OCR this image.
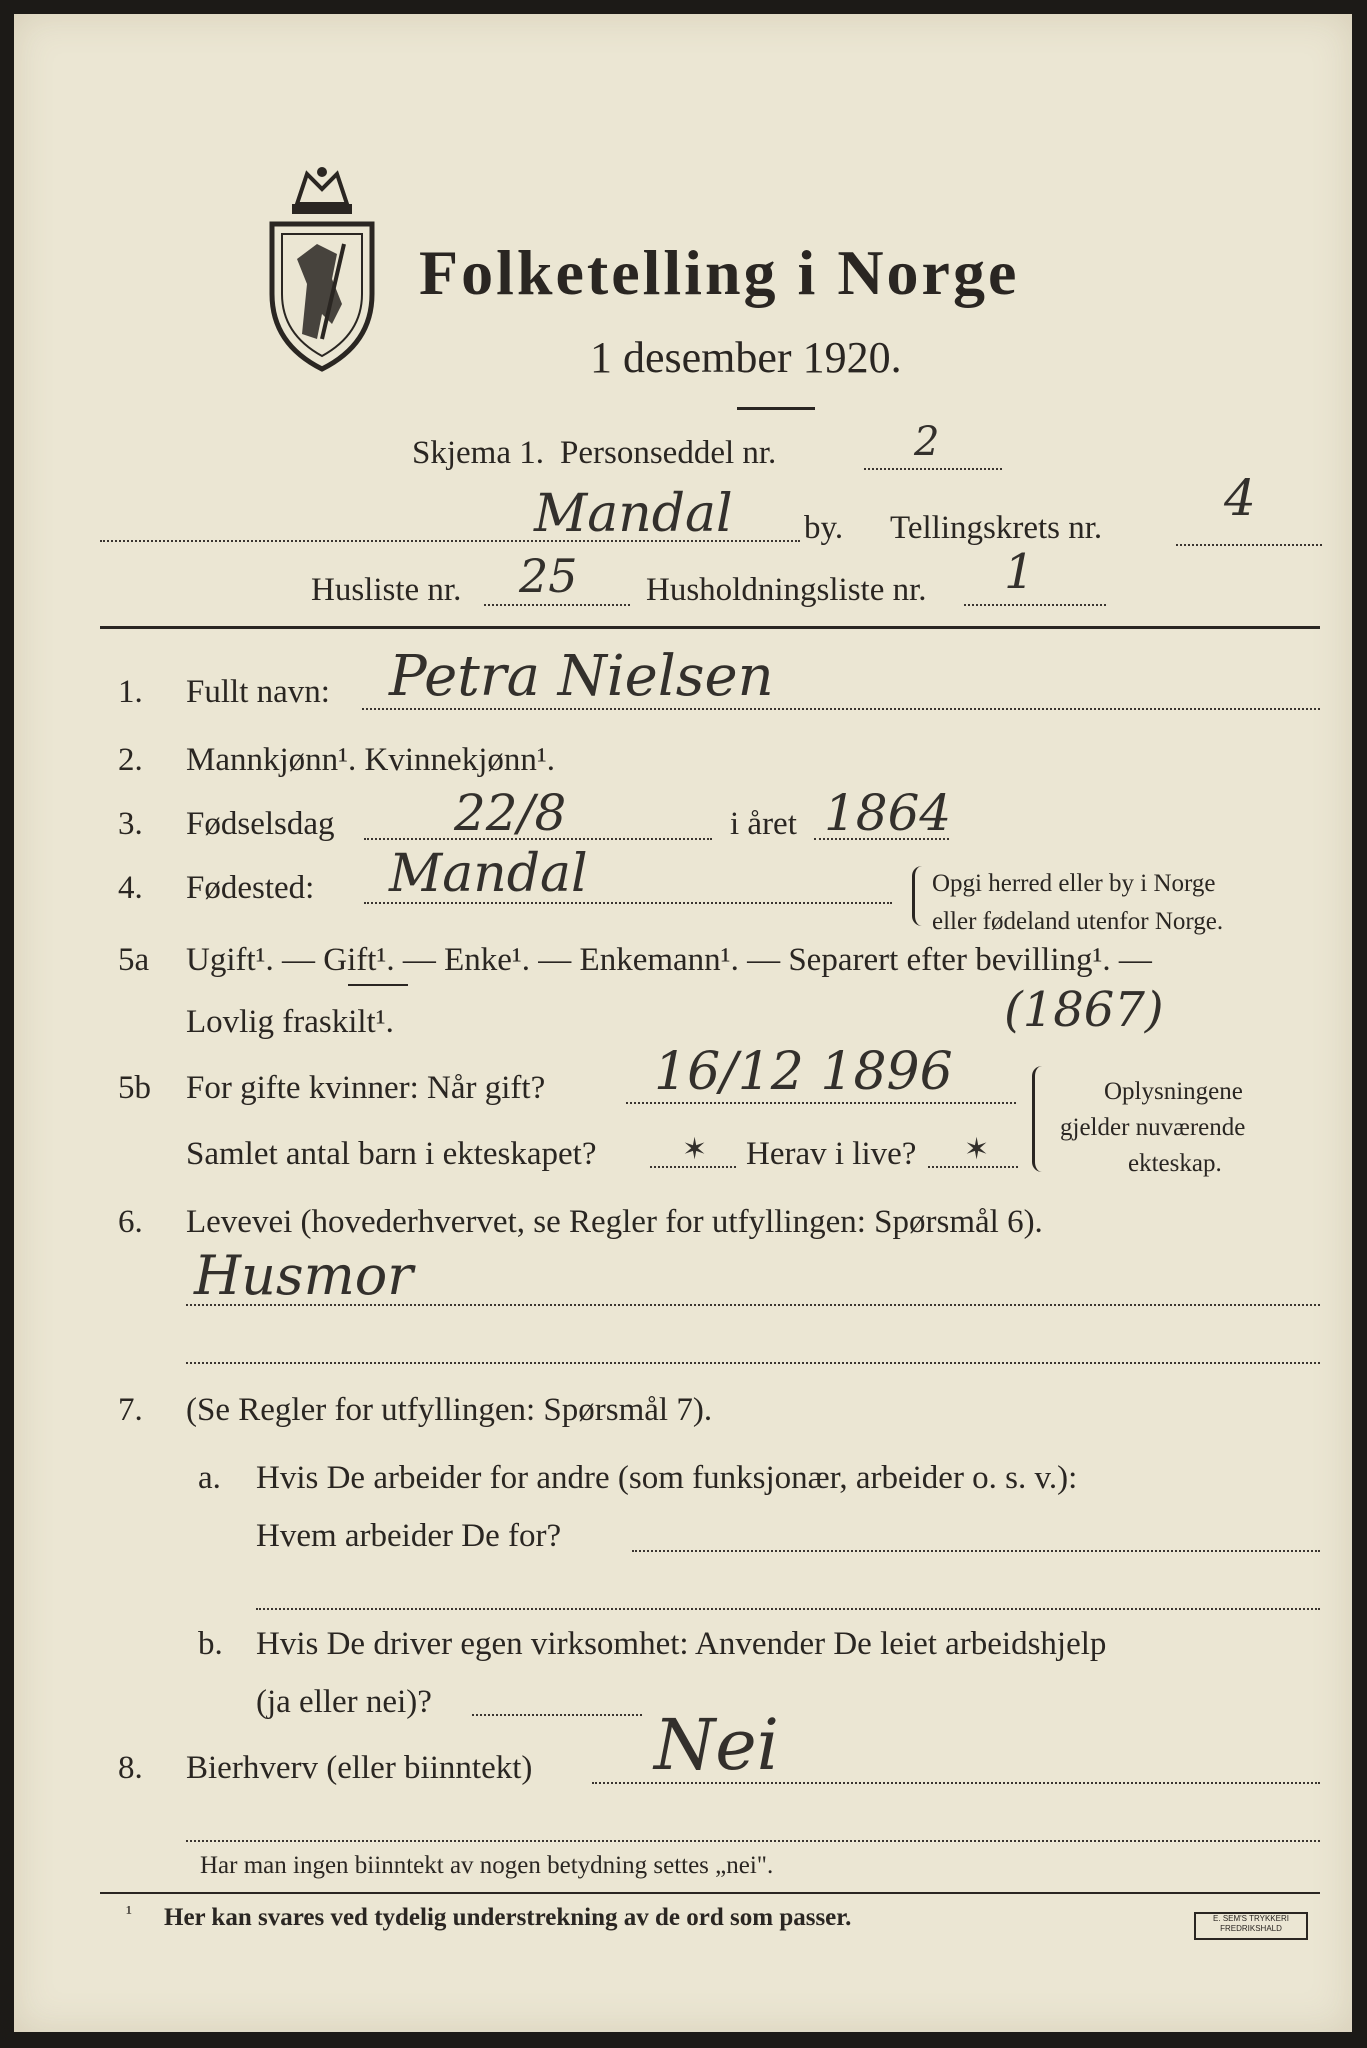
Folketelling i Norge
1 desember 1920.
Skjema 1. Personseddel nr.	2
Mandal by. Tellingskrets nr.
4
Husliste nr. 25 Husholdningsliste nr. 1
1. Fullt navn: Petra Nielsen
2. Mannkjønn¹. Kvinnekjønn¹.
3. Fødselsdag 22/8	i året 1864
4. Fødested: Mandal	Opgi herred eller by i Norge
eller fødeland utenfor Norge.
5a Ugift¹. — Gift¹. — Enke¹. — Enkemann¹. — Separert efter bevilling¹. —
Lovlig fraskilt¹.	(1867)
5b For gifte kvinner: Når gift? 16/12 1896
Samlet antal barn i ekteskapet?	✶ Herav i live? ✶
Oplysningene
gjelder nuværende
ekteskap.
6. Levevei (hovederhvervet, se Regler for utfyllingen: Spørsmål 6).
Husmor
7. (Se Regler for utfyllingen: Spørsmål 7).
a. Hvis De arbeider for andre (som funksjonær, arbeider o. s. v.):
Hvem arbeider De for?
b. Hvis De driver egen virksomhet: Anvender De leiet arbeidshjelp
(ja eller nei)?
8. Bierhverv (eller biinntekt) Nei
Har man ingen biinntekt av nogen betydning settes „nei".
¹ Her kan svares ved tydelig understrekning av de ord som passer.	E. SEM'S TRYKKERI FREDRIKSHALD
